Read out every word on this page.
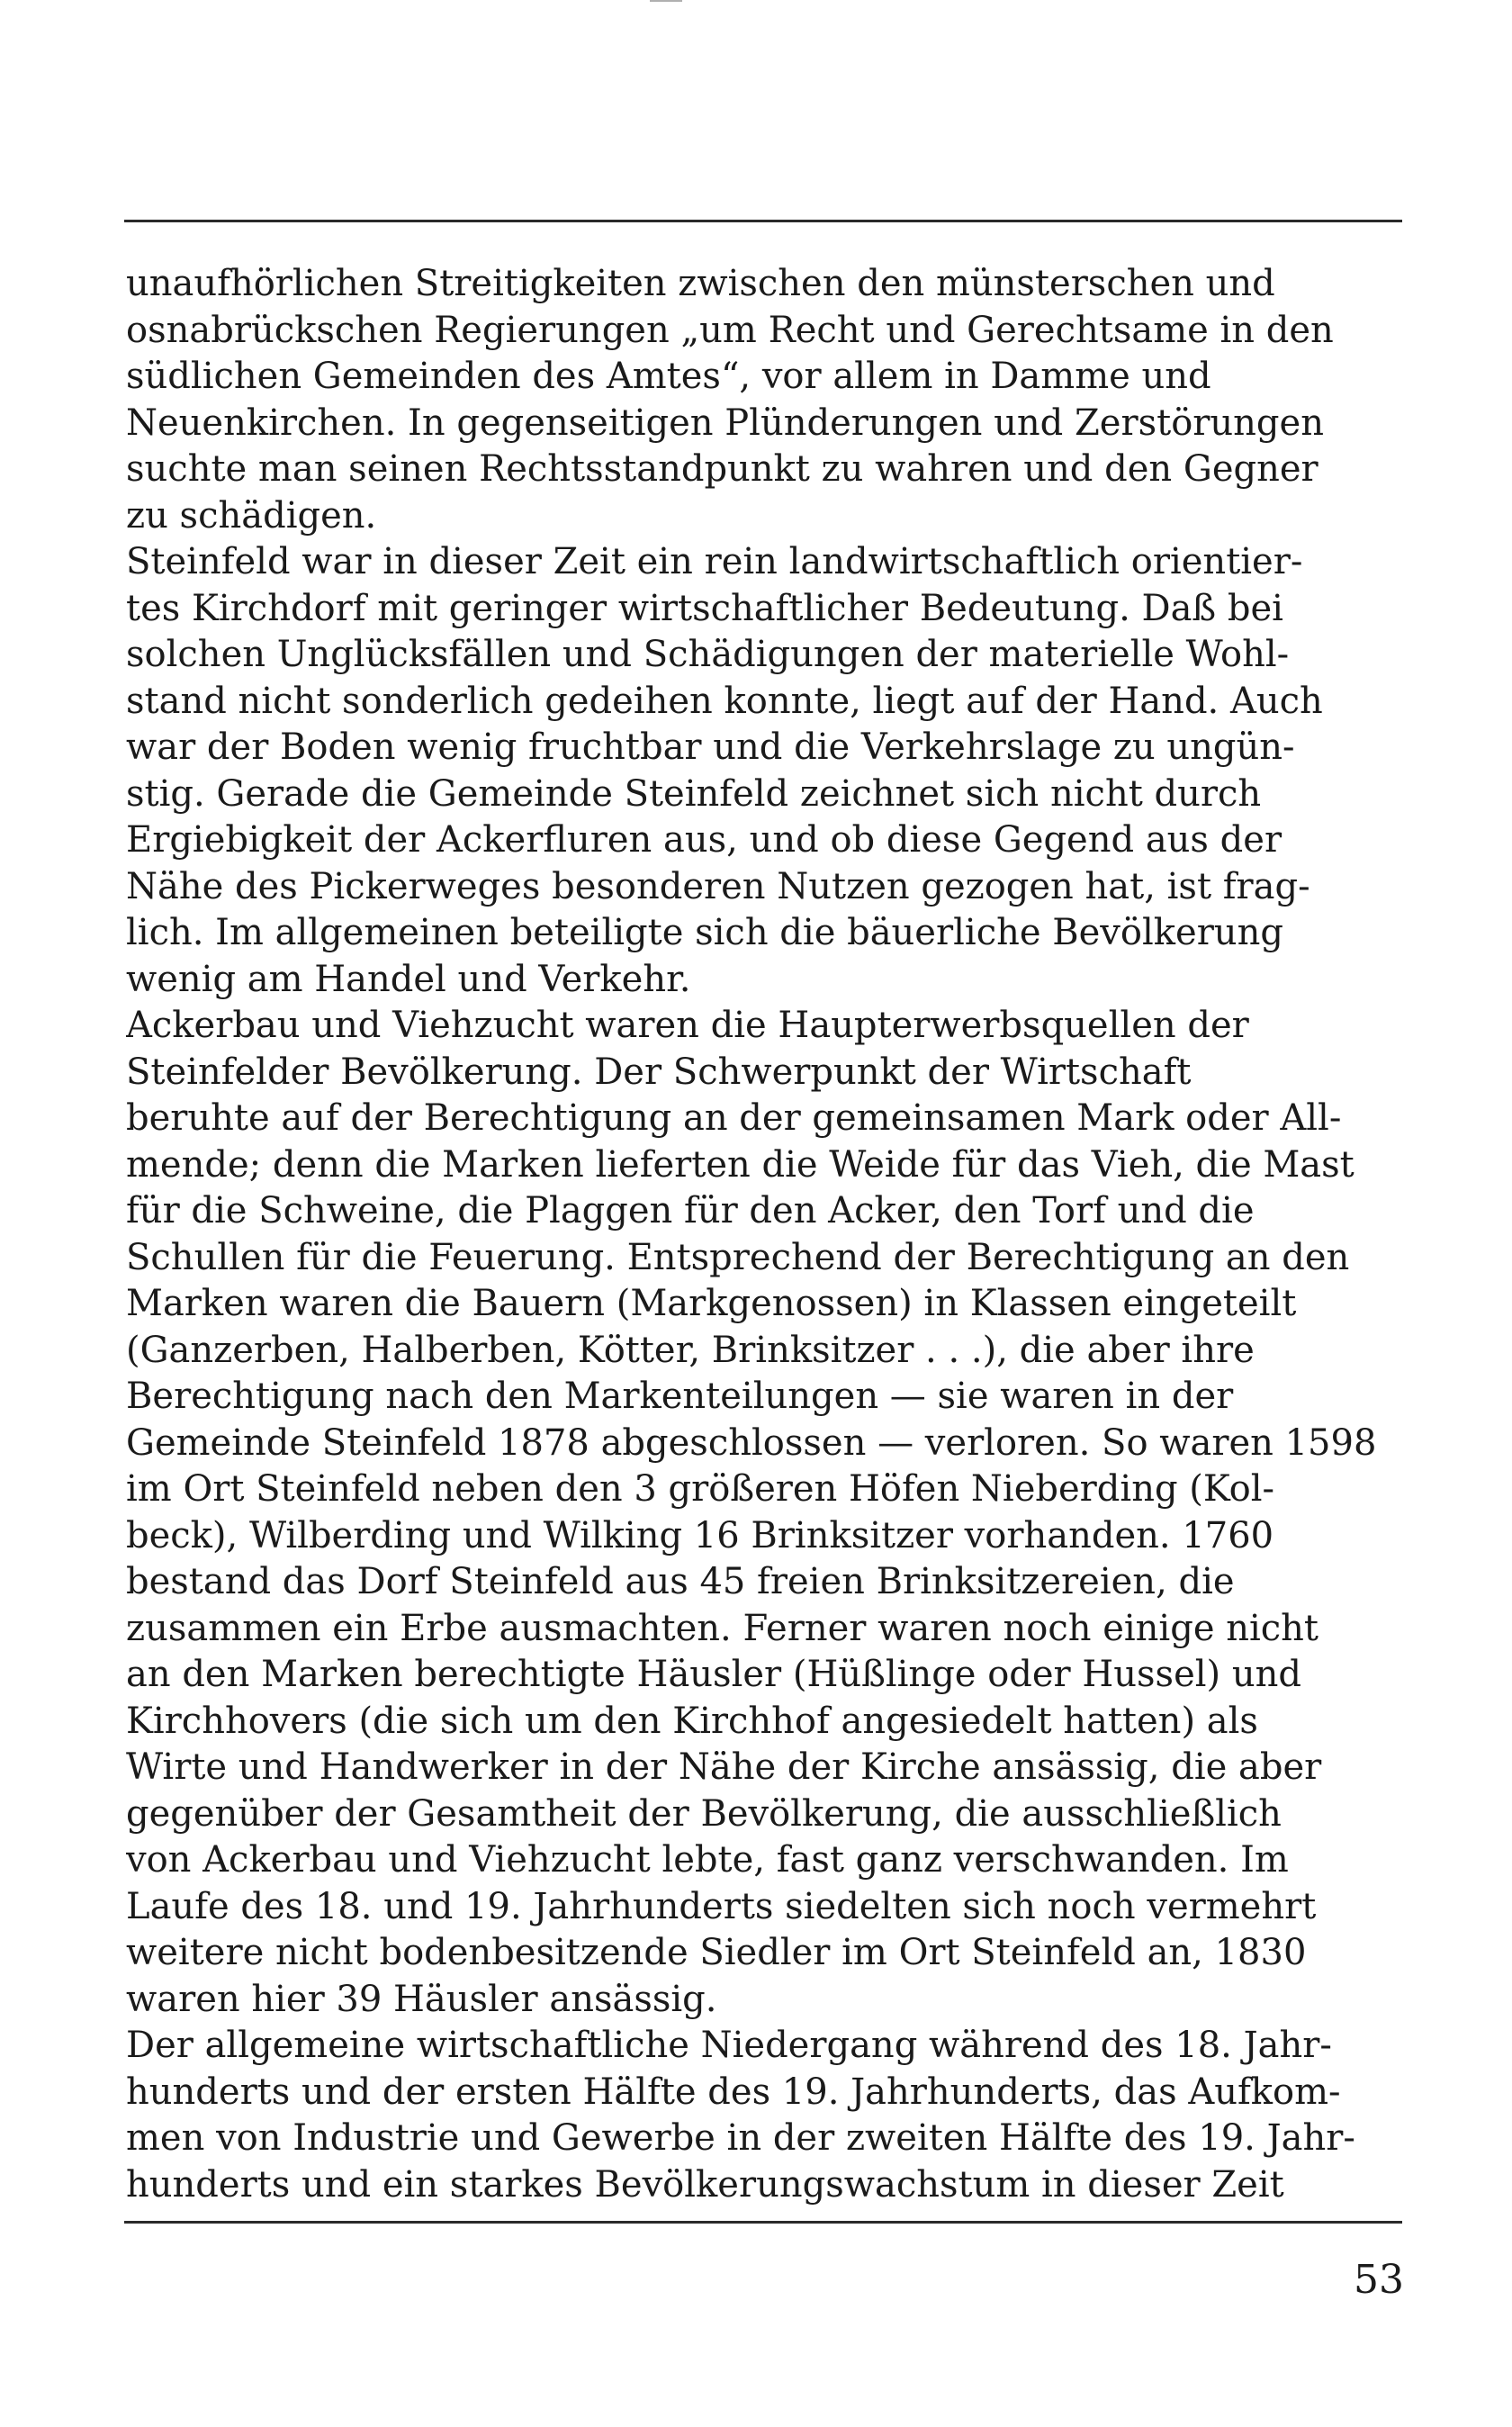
unaufhörlichen Streitigkeiten zwischen den münsterschen und
osnabrückschen Regierungen „um Recht und Gerechtsame in den
südlichen Gemeinden des Amtes“, vor allem in Damme und
Neuenkirchen. In gegenseitigen Plünderungen und Zerstörungen
suchte man seinen Rechtsstandpunkt zu wahren und den Gegner
zu schädigen.
Steinfeld war in dieser Zeit ein rein landwirtschaftlich orientier-
tes Kirchdorf mit geringer wirtschaftlicher Bedeutung. Daß bei
solchen Unglücksfällen und Schädigungen der materielle Wohl-
stand nicht sonderlich gedeihen konnte, liegt auf der Hand. Auch
war der Boden wenig fruchtbar und die Verkehrslage zu ungün-
stig. Gerade die Gemeinde Steinfeld zeichnet sich nicht durch
Ergiebigkeit der Ackerfluren aus, und ob diese Gegend aus der
Nähe des Pickerweges besonderen Nutzen gezogen hat, ist frag-
lich. Im allgemeinen beteiligte sich die bäuerliche Bevölkerung
wenig am Handel und Verkehr.
Ackerbau und Viehzucht waren die Haupterwerbsquellen der
Steinfelder Bevölkerung. Der Schwerpunkt der Wirtschaft
beruhte auf der Berechtigung an der gemeinsamen Mark oder All-
mende; denn die Marken lieferten die Weide für das Vieh, die Mast
für die Schweine, die Plaggen für den Acker, den Torf und die
Schullen für die Feuerung. Entsprechend der Berechtigung an den
Marken waren die Bauern (Markgenossen) in Klassen eingeteilt
(Ganzerben, Halberben, Kötter, Brinksitzer . . .), die aber ihre
Berechtigung nach den Markenteilungen — sie waren in der
Gemeinde Steinfeld 1878 abgeschlossen — verloren. So waren 1598
im Ort Steinfeld neben den 3 größeren Höfen Nieberding (Kol-
beck), Wilberding und Wilking 16 Brinksitzer vorhanden. 1760
bestand das Dorf Steinfeld aus 45 freien Brinksitzereien, die
zusammen ein Erbe ausmachten. Ferner waren noch einige nicht
an den Marken berechtigte Häusler (Hüßlinge oder Hussel) und
Kirchhovers (die sich um den Kirchhof angesiedelt hatten) als
Wirte und Handwerker in der Nähe der Kirche ansässig, die aber
gegenüber der Gesamtheit der Bevölkerung, die ausschließlich
von Ackerbau und Viehzucht lebte, fast ganz verschwanden. Im
Laufe des 18. und 19. Jahrhunderts siedelten sich noch vermehrt
weitere nicht bodenbesitzende Siedler im Ort Steinfeld an, 1830
waren hier 39 Häusler ansässig.
Der allgemeine wirtschaftliche Niedergang während des 18. Jahr-
hunderts und der ersten Hälfte des 19. Jahrhunderts, das Aufkom-
men von Industrie und Gewerbe in der zweiten Hälfte des 19. Jahr-
hunderts und ein starkes Bevölkerungswachstum in dieser Zeit
53
